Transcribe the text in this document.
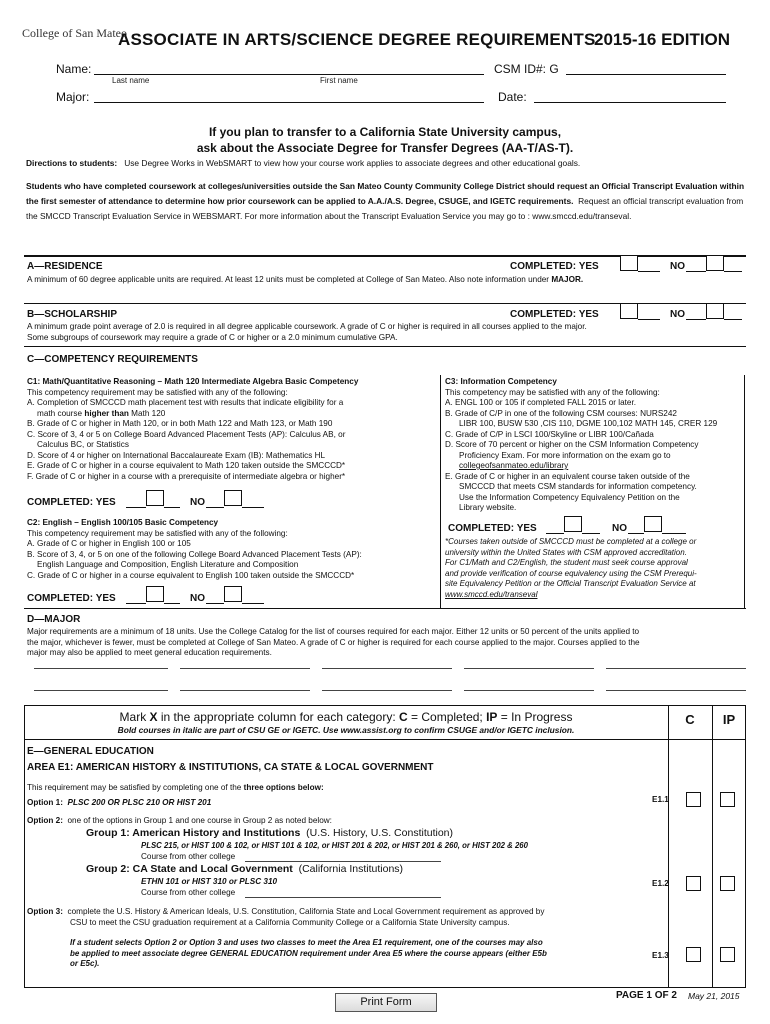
College of San Mateo
ASSOCIATE IN ARTS/SCIENCE DEGREE REQUIREMENTS
2015-16 EDITION
Name:
Last name	First name
CSM ID#: G
Major:	Date:
If you plan to transfer to a California State University campus,
ask about the Associate Degree for Transfer Degrees (AA-T/AS-T).
Directions to students: Use Degree Works in WebSMART to view how your course work applies to associate degrees and other educational goals.
Students who have completed coursework at colleges/universities outside the San Mateo County Community College District should request an Official Transcript Evaluation within the first semester of attendance to determine how prior coursework can be applied to A.A./A.S. Degree, CSUGE, and IGETC requirements. Request an official transcript evaluation from the SMCCD Transcript Evaluation Service in WEBSMART. For more information about the Transcript Evaluation Service you may go to : www.smccd.edu/transeval.
A—RESIDENCE	COMPLETED: YES	NO
A minimum of 60 degree applicable units are required. At least 12 units must be completed at College of San Mateo. Also note information under MAJOR.
B—SCHOLARSHIP	COMPLETED: YES	NO
A minimum grade point average of 2.0 is required in all degree applicable coursework. A grade of C or higher is required in all courses applied to the major.
Some subgroups of coursework may require a grade of C or higher or a 2.0 minimum cumulative GPA.
C—COMPETENCY REQUIREMENTS
C1: Math/Quantitative Reasoning – Math 120 Intermediate Algebra Basic Competency
This competency requirement may be satisfied with any of the following:
A. Completion of SMCCCD math placement test with results that indicate eligibility for a
math course higher than Math 120
B. Grade of C or higher in Math 120, or in both Math 122 and Math 123, or Math 190
C. Score of 3, 4 or 5 on College Board Advanced Placement Tests (AP): Calculus AB, or
Calculus BC, or Statistics
D. Score of 4 or higher on International Baccalaureate Exam (IB): Mathematics HL
E. Grade of C or higher in a course equivalent to Math 120 taken outside the SMCCCD*
F. Grade of C or higher in a course with a prerequisite of intermediate algebra or higher*
COMPLETED: YES	NO
C2: English – English 100/105 Basic Competency
This competency requirement may be satisfied with any of the following:
A. Grade of C or higher in English 100 or 105
B. Score of 3, 4, or 5 on one of the following College Board Advanced Placement Tests (AP):
English Language and Composition, English Literature and Composition
C. Grade of C or higher in a course equivalent to English 100 taken outside the SMCCCD*
COMPLETED: YES	NO
C3: Information Competency
This competency may be satisfied with any of the following:
A. ENGL 100 or 105 if completed FALL 2015 or later.
B. Grade of C/P in one of the following CSM courses: NURS242
LIBR 100, BUSW 530 ,CIS 110, DGME 100,102 MATH 145, CRER 129
C. Grade of C/P in LSCI 100/Skyline or LIBR 100/Cañada
D. Score of 70 percent or higher on the CSM Information Competency
Proficiency Exam. For more information on the exam go to
collegeofsanmateo.edu/library
E. Grade of C or higher in an equivalent course taken outside of the
SMCCCD that meets CSM standards for information competency.
Use the Information Competency Equivalency Petition on the
Library website.
COMPLETED: YES	NO
*Courses taken outside of SMCCCD must be completed at a college or
university within the United States with CSM approved accreditation.
For C1/Math and C2/English, the student must seek course approval
and provide verification of course equivalency using the CSM Prerequi-
site Equivalency Petition or the Official Transcript Evaluation Service at
www.smccd.edu/transeval
D—MAJOR
Major requirements are a minimum of 18 units. Use the College Catalog for the list of courses required for each major. Either 12 units or 50 percent of the units applied to
the major, whichever is fewer, must be completed at College of San Mateo. A grade of C or higher is required for each course applied to the major. Courses applied to the
major may also be applied to meet general education requirements.
Mark X in the appropriate column for each category: C = Completed; IP = In Progress
Bold courses in italic are part of CSU GE or IGETC. Use www.assist.org to confirm CSUGE and/or IGETC inclusion.
C	IP
E—GENERAL EDUCATION
AREA E1: AMERICAN HISTORY & INSTITUTIONS, CA STATE & LOCAL GOVERNMENT
This requirement may be satisfied by completing one of the three options below:
Option 1: PLSC 200 OR PLSC 210 OR HIST 201	E1.1
Option 2: one of the options in Group 1 and one course in Group 2 as noted below:
Group 1: American History and Institutions (U.S. History, U.S. Constitution)
PLSC 215, or HIST 100 & 102, or HIST 101 & 102, or HIST 201 & 202, or HIST 201 & 260, or HIST 202 & 260
Course from other college
Group 2: CA State and Local Government (California Institutions)
ETHN 101 or HIST 310 or PLSC 310
Course from other college
E1.2
Option 3: complete the U.S. History & American Ideals, U.S. Constitution, California State and Local Government requirement as approved by
CSU to meet the CSU graduation requirement at a California Community College or a California State University campus.
If a student selects Option 2 or Option 3 and uses two classes to meet the Area E1 requirement, one of the courses may also
be applied to meet associate degree GENERAL EDUCATION requirement under Area E5 where the course appears (either E5b
or E5c).
E1.3
Print Form
PAGE 1 OF 2 May 21, 2015
